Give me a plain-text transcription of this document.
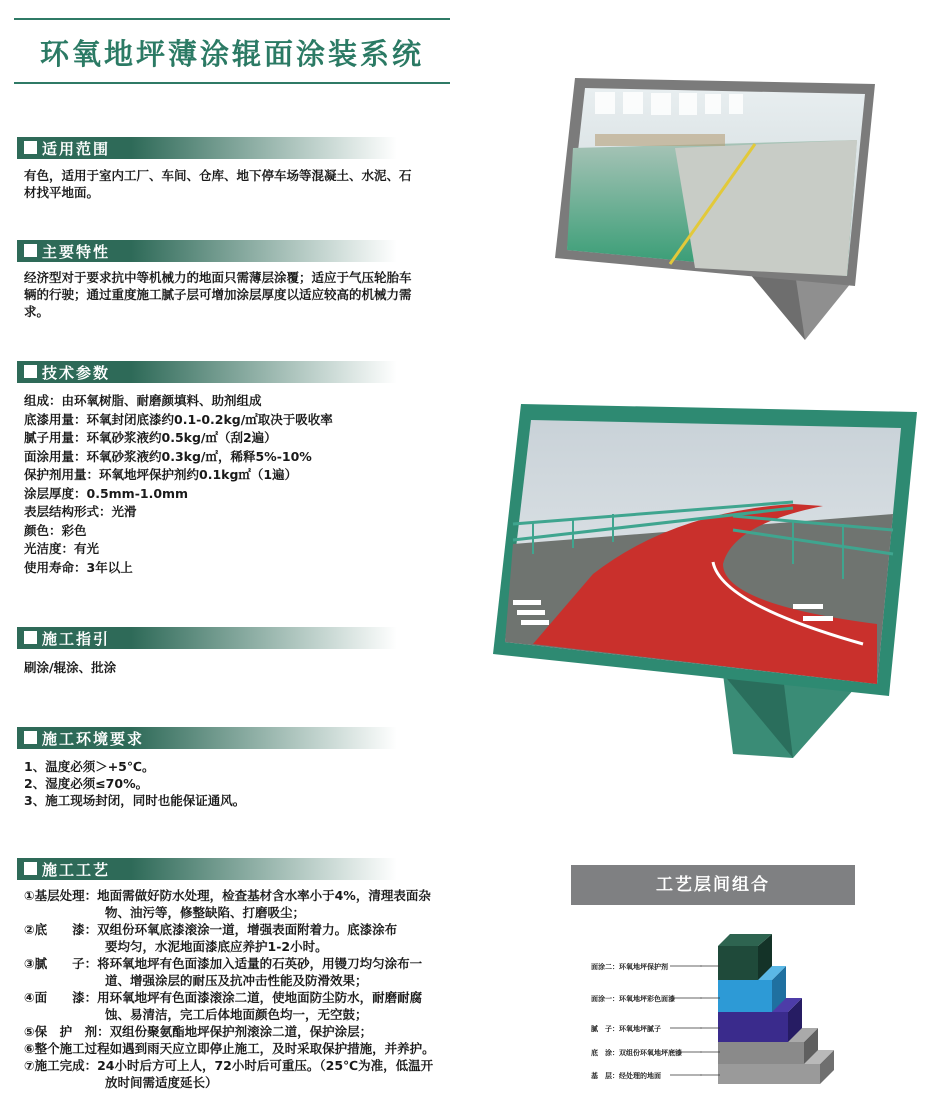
环氧地坪薄涂辊面涂装系统
适用范围
有色，适用于室内工厂、车间、仓库、地下停车场等混凝土、水泥、石
材找平地面。
主要特性
经济型对于要求抗中等机械力的地面只需薄层涂覆；适应于气压轮胎车
辆的行驶；通过重度施工腻子层可增加涂层厚度以适应较高的机械力需
求。
技术参数
组成：由环氧树脂、耐磨颜填料、助剂组成
底漆用量：环氧封闭底漆约0.1-0.2kg/㎡取决于吸收率
腻子用量：环氧砂浆液约0.5kg/㎡（刮2遍）
面涂用量：环氧砂浆液约0.3kg/㎡，稀释5%-10%
保护剂用量：环氧地坪保护剂约0.1kg㎡（1遍）
涂层厚度：0.5mm-1.0mm
表层结构形式：光滑
颜色：彩色
光洁度：有光
使用寿命：3年以上
施工指引
刷涂/辊涂、批涂
施工环境要求
1、温度必须＞+5℃。
2、湿度必须≤70%。
3、施工现场封闭，同时也能保证通风。
施工工艺
①基层处理：地面需做好防水处理，检查基材含水率小于4%，清理表面杂
物、油污等，修整缺陷、打磨吸尘；
②底　　漆：双组份环氧底漆滚涂一道，增强表面附着力。底漆涂布
要均匀，水泥地面漆底应养护1-2小时。
③腻　　子：将环氧地坪有色面漆加入适量的石英砂，用镘刀均匀涂布一
道、增强涂层的耐压及抗冲击性能及防滑效果；
④面　　漆：用环氧地坪有色面漆滚涂二道，使地面防尘防水，耐磨耐腐
蚀、易清洁，完工后体地面颜色均一，无空鼓；
⑤保　护　剂：双组份聚氨酯地坪保护剂滚涂二道，保护涂层；
⑥整个施工过程如遇到雨天应立即停止施工，及时采取保护措施，并养护。
⑦施工完成：24小时后方可上人，72小时后可重压。（25℃为准，低温开
放时间需适度延长）
工艺层间组合
面涂二：环氧地坪保护剂
面涂一：环氧地坪彩色面漆
腻　子：环氧地坪腻子
底　涂：双组份环氧地坪底漆
基　层：经处理的地面
